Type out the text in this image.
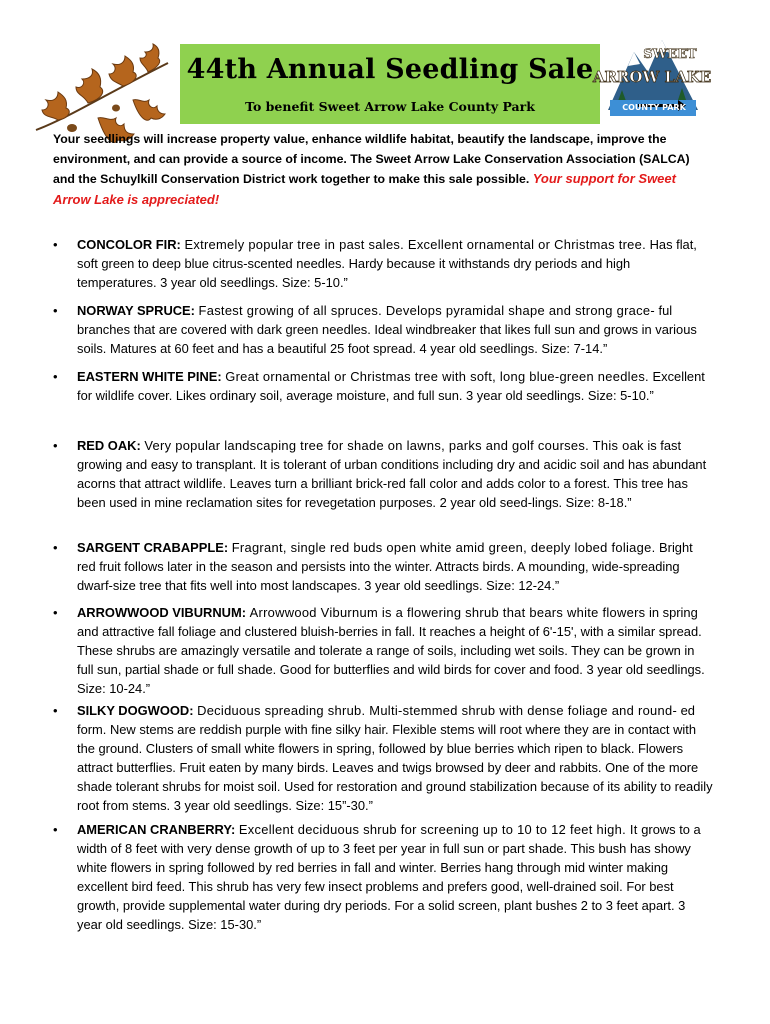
44th Annual Seedling Sale
To benefit Sweet Arrow Lake County Park
SWEET
ARROW LAKE
COUNTY PARK
Your seedlings will increase property value, enhance wildlife habitat, beautify the landscape, improve the environment, and can provide a source of income. The Sweet Arrow Lake Conservation Association (SALCA) and the Schuylkill Conservation District work together to make this sale possible. Your support for Sweet Arrow Lake is appreciated!
• CONCOLOR FIR: Extremely popular tree in past sales. Excellent ornamental or Christmas tree. Has flat, soft green to deep blue citrus-scented needles. Hardy because it withstands dry periods and high temperatures. 3 year old seedlings. Size: 5-10.”
• NORWAY SPRUCE: Fastest growing of all spruces. Develops pyramidal shape and strong grace- ful branches that are covered with dark green needles. Ideal windbreaker that likes full sun and grows in various soils. Matures at 60 feet and has a beautiful 25 foot spread. 4 year old seedlings. Size: 7-14.”
• EASTERN WHITE PINE: Great ornamental or Christmas tree with soft, long blue-green needles. Excellent for wildlife cover. Likes ordinary soil, average moisture, and full sun. 3 year old seedlings. Size: 5-10.”
• RED OAK: Very popular landscaping tree for shade on lawns, parks and golf courses. This oak is fast growing and easy to transplant. It is tolerant of urban conditions including dry and acidic soil and has abundant acorns that attract wildlife. Leaves turn a brilliant brick-red fall color and adds color to a forest. This tree has been used in mine reclamation sites for revegetation purposes. 2 year old seed-lings. Size: 8-18.”
• SARGENT CRABAPPLE: Fragrant, single red buds open white amid green, deeply lobed foliage. Bright red fruit follows later in the season and persists into the winter. Attracts birds. A mounding, wide-spreading dwarf-size tree that fits well into most landscapes. 3 year old seedlings. Size: 12-24.”
• ARROWWOOD VIBURNUM: Arrowwood Viburnum is a flowering shrub that bears white flowers in spring and attractive fall foliage and clustered bluish-berries in fall. It reaches a height of 6'-15', with a similar spread. These shrubs are amazingly versatile and tolerate a range of soils, including wet soils. They can be grown in full sun, partial shade or full shade. Good for butterflies and wild birds for cover and food. 3 year old seedlings. Size: 10-24.”
• SILKY DOGWOOD: Deciduous spreading shrub. Multi-stemmed shrub with dense foliage and round- ed form. New stems are reddish purple with fine silky hair. Flexible stems will root where they are in contact with the ground. Clusters of small white flowers in spring, followed by blue berries which ripen to black. Flowers attract butterflies. Fruit eaten by many birds. Leaves and twigs browsed by deer and rabbits. One of the more shade tolerant shrubs for moist soil. Used for restoration and ground stabilization because of its ability to readily root from stems. 3 year old seedlings. Size: 15”-30.”
• AMERICAN CRANBERRY: Excellent deciduous shrub for screening up to 10 to 12 feet high. It grows to a width of 8 feet with very dense growth of up to 3 feet per year in full sun or part shade. This bush has showy white flowers in spring followed by red berries in fall and winter. Berries hang through mid winter making excellent bird feed. This shrub has very few insect problems and prefers good, well-drained soil. For best growth, provide supplemental water during dry periods. For a solid screen, plant bushes 2 to 3 feet apart. 3 year old seedlings. Size: 15-30.”
